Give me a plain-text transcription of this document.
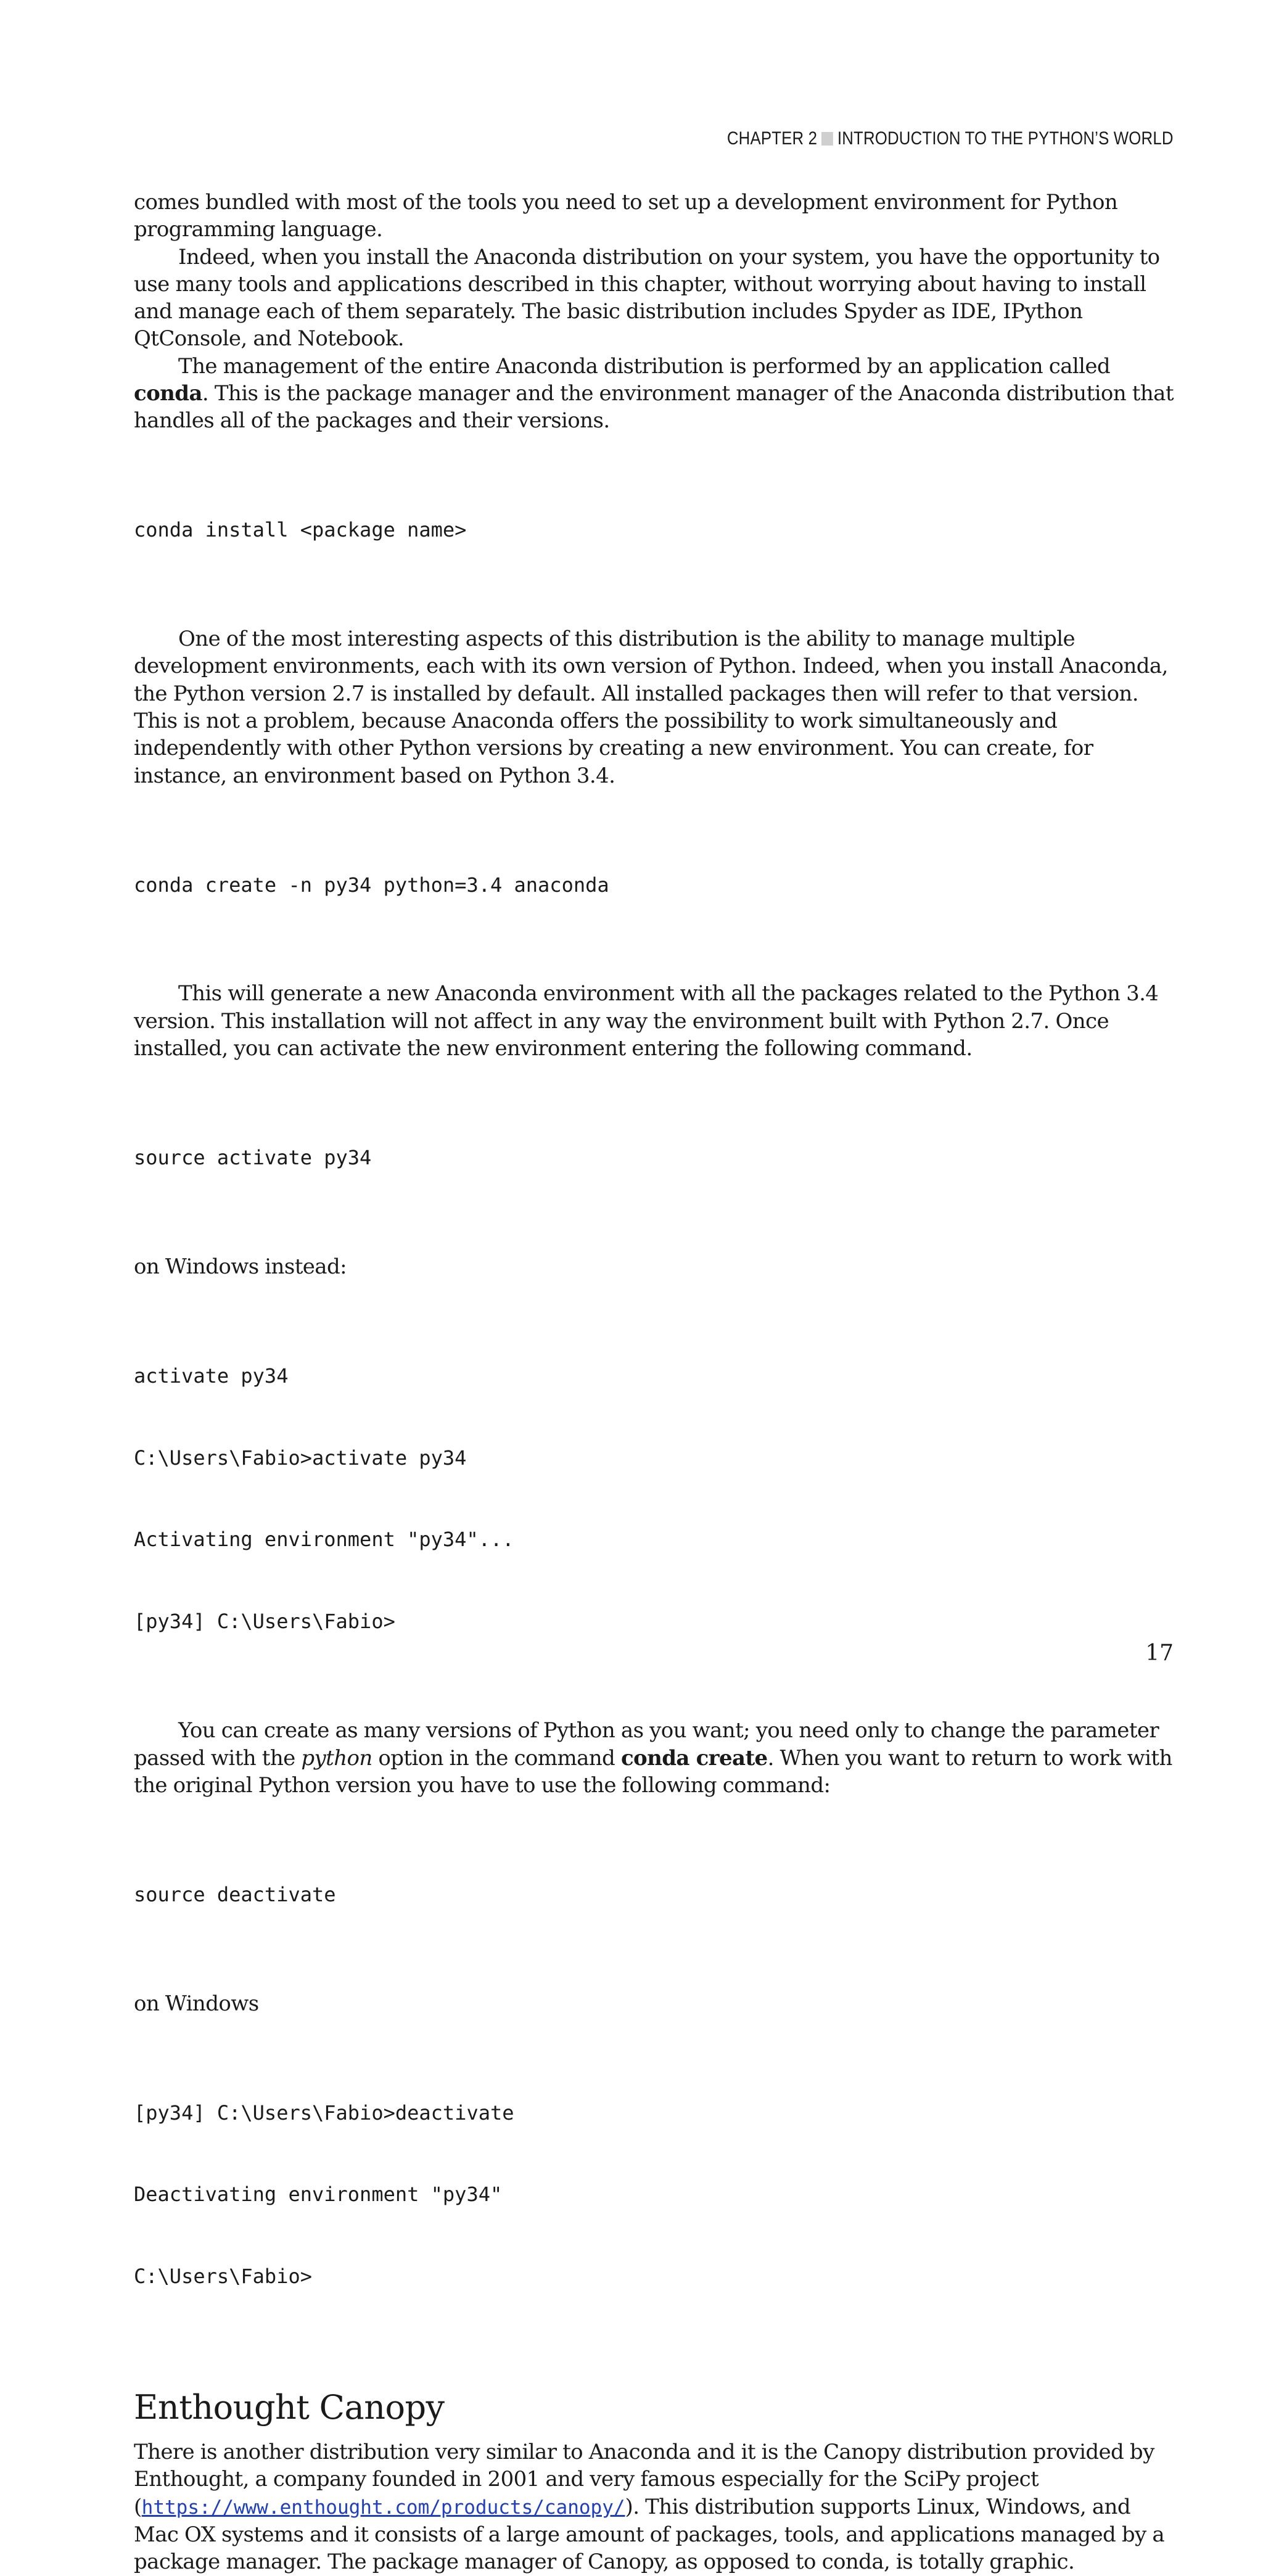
CHAPTER 2 INTRODUCTION TO THE PYTHON’S WORLD

comes bundled with most of the tools you need to set up a development environment for Python programming language.

Indeed, when you install the Anaconda distribution on your system, you have the opportunity to use many tools and applications described in this chapter, without worrying about having to install and manage each of them separately. The basic distribution includes Spyder as IDE, IPython QtConsole, and Notebook.

The management of the entire Anaconda distribution is performed by an application called conda. This is the package manager and the environment manager of the Anaconda distribution that handles all of the packages and their versions.

conda install <package name>

One of the most interesting aspects of this distribution is the ability to manage multiple development environments, each with its own version of Python. Indeed, when you install Anaconda, the Python version 2.7 is installed by default. All installed packages then will refer to that version. This is not a problem, because Anaconda offers the possibility to work simultaneously and independently with other Python versions by creating a new environment. You can create, for instance, an environment based on Python 3.4.

conda create -n py34 python=3.4 anaconda

This will generate a new Anaconda environment with all the packages related to the Python 3.4 version. This installation will not affect in any way the environment built with Python 2.7. Once installed, you can activate the new environment entering the following command.

source activate py34

on Windows instead:

activate py34

C:\Users\Fabio>activate py34

Activating environment "py34"...

[py34] C:\Users\Fabio>

You can create as many versions of Python as you want; you need only to change the parameter passed with the python option in the command conda create. When you want to return to work with the original Python version you have to use the following command:

source deactivate

on Windows

[py34] C:\Users\Fabio>deactivate

Deactivating environment "py34"

C:\Users\Fabio>

Enthought Canopy

There is another distribution very similar to Anaconda and it is the Canopy distribution provided by Enthought, a company founded in 2001 and very famous especially for the SciPy project (https://www.enthought.com/products/canopy/). This distribution supports Linux, Windows, and Mac OX systems and it consists of a large amount of packages, tools, and applications managed by a package manager. The package manager of Canopy, as opposed to conda, is totally graphic.

17
